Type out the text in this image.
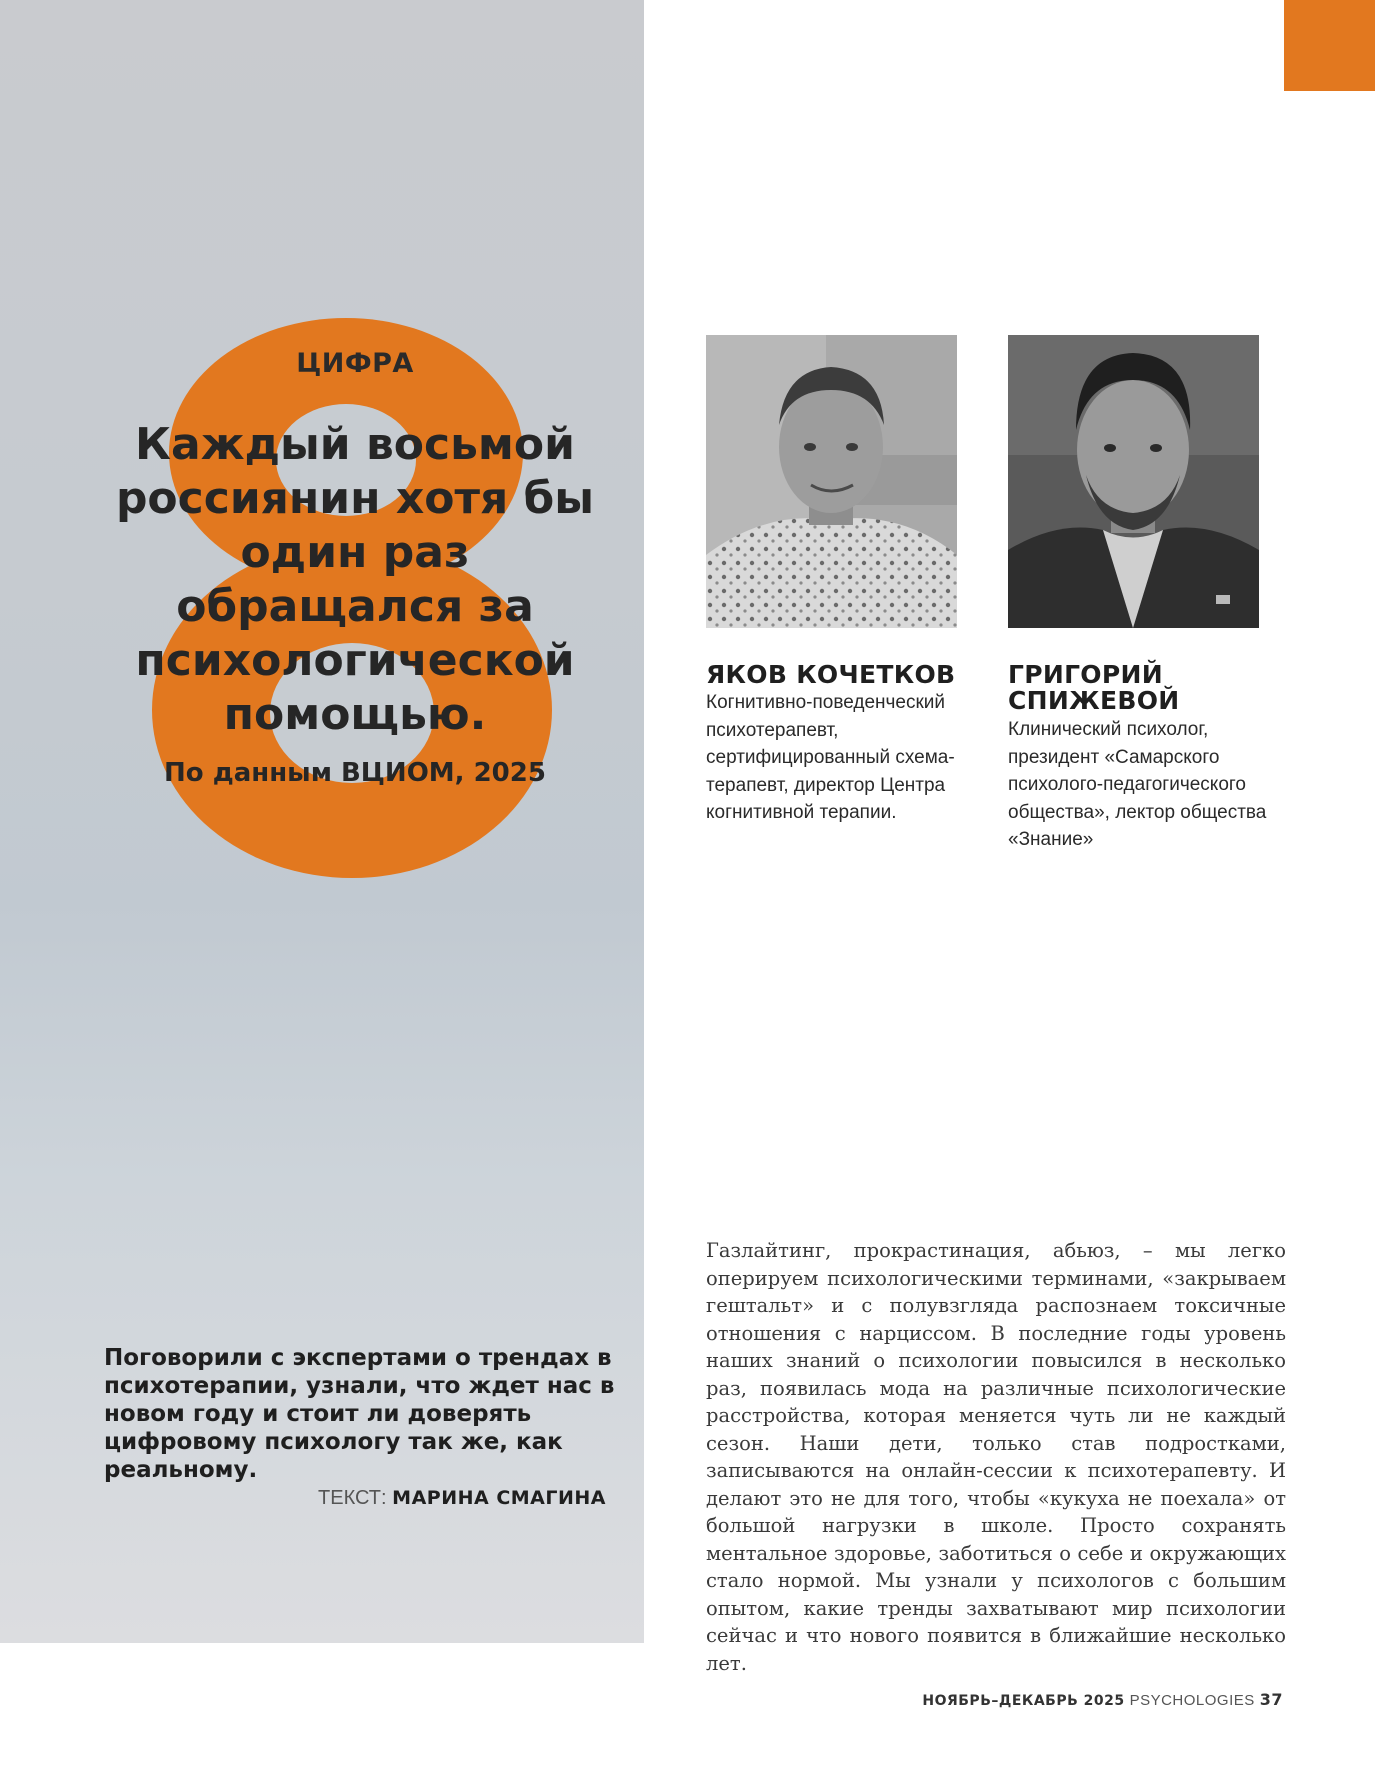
ЦИФРА
Каждый восьмой россиянин хотя бы один раз обращался за психологической помощью.
По данным ВЦИОМ, 2025
Поговорили с экспертами о трендах в психотерапии, узнали, что ждет нас в новом году и стоит ли доверять цифровому психологу так же, как реальному.
ТЕКСТ: МАРИНА СМАГИНА
ЯКОВ КОЧЕТКОВ
Когнитивно-поведенческий психотерапевт, сертифицированный схема-терапевт, директор Центра когнитивной терапии.
ГРИГОРИЙ СПИЖЕВОЙ
Клинический психолог, президент «Самарского психолого-педагогического общества», лектор общества «Знание»
Газлайтинг, прокрастинация, абьюз, – мы легко оперируем психологическими терминами, «закрываем гештальт» и с полувзгляда распознаем токсичные отношения с нарциссом. В последние годы уровень наших знаний о психологии повысился в несколько раз, появилась мода на различные психологические расстройства, которая меняется чуть ли не каждый сезон. Наши дети, только став подростками, записываются на онлайн-сессии к психотерапевту. И делают это не для того, чтобы «кукуха не поехала» от большой нагрузки в школе. Просто сохранять ментальное здоровье, заботиться о себе и окружающих стало нормой. Мы узнали у психологов с большим опытом, какие тренды захватывают мир психологии сейчас и что нового появится в ближайшие несколько лет.
НОЯБРЬ–ДЕКАБРЬ 2025 PSYCHOLOGIES 37
